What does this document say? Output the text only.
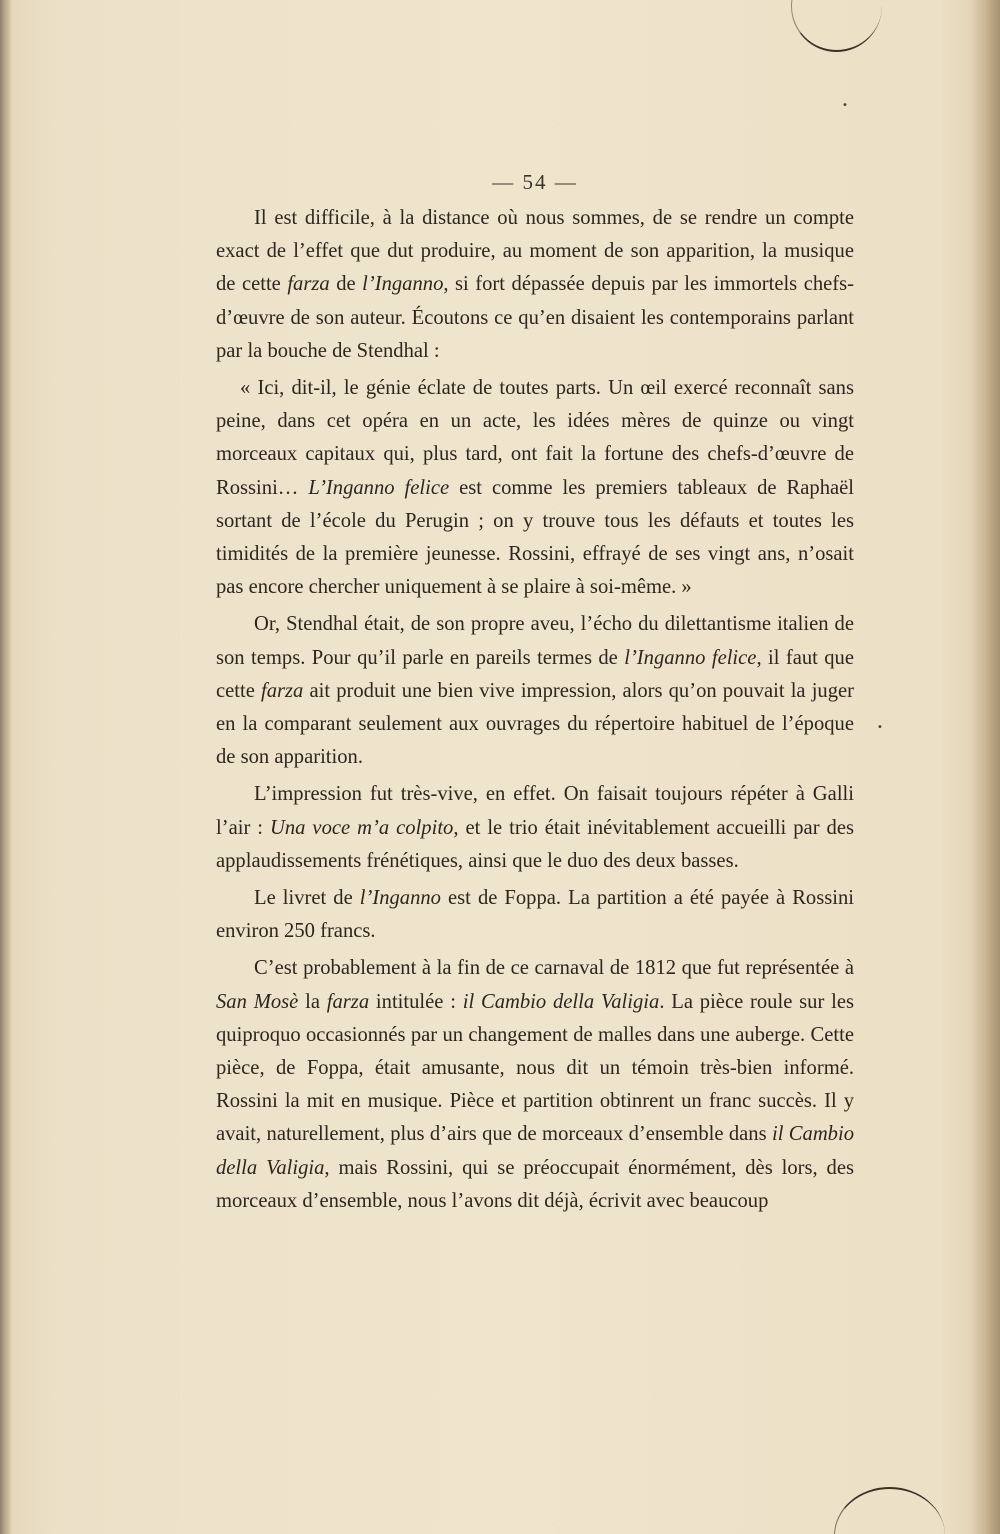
•
•
— 54 —

Il est difficile, à la distance où nous sommes, de se rendre un compte exact de l’effet que dut produire, au moment de son apparition, la musique de cette farza de l’Inganno, si fort dépassée depuis par les immortels chefs-d’œuvre de son auteur. Écoutons ce qu’en disaient les contemporains parlant par la bouche de Stendhal :

« Ici, dit-il, le génie éclate de toutes parts. Un œil exercé reconnaît sans peine, dans cet opéra en un acte, les idées mères de quinze ou vingt morceaux capitaux qui, plus tard, ont fait la fortune des chefs-d’œuvre de Rossini… L’Inganno felice est comme les premiers tableaux de Raphaël sortant de l’école du Perugin ; on y trouve tous les défauts et toutes les timidités de la première jeunesse. Rossini, effrayé de ses vingt ans, n’osait pas encore chercher uniquement à se plaire à soi-même. »

Or, Stendhal était, de son propre aveu, l’écho du dilettantisme italien de son temps. Pour qu’il parle en pareils termes de l’Inganno felice, il faut que cette farza ait produit une bien vive impression, alors qu’on pouvait la juger en la comparant seulement aux ouvrages du répertoire habituel de l’époque de son apparition.

L’impression fut très-vive, en effet. On faisait toujours répéter à Galli l’air : Una voce m’a colpito, et le trio était inévitablement accueilli par des applaudissements frénétiques, ainsi que le duo des deux basses.

Le livret de l’Inganno est de Foppa. La partition a été payée à Rossini environ 250 francs.

C’est probablement à la fin de ce carnaval de 1812 que fut représentée à San Mosè la farza intitulée : il Cambio della Valigia. La pièce roule sur les quiproquo occasionnés par un changement de malles dans une auberge. Cette pièce, de Foppa, était amusante, nous dit un témoin très-bien informé. Rossini la mit en musique. Pièce et partition obtinrent un franc succès. Il y avait, naturellement, plus d’airs que de morceaux d’ensemble dans il Cambio della Valigia, mais Rossini, qui se préoccupait énormément, dès lors, des morceaux d’ensemble, nous l’avons dit déjà, écrivit avec beaucoup
